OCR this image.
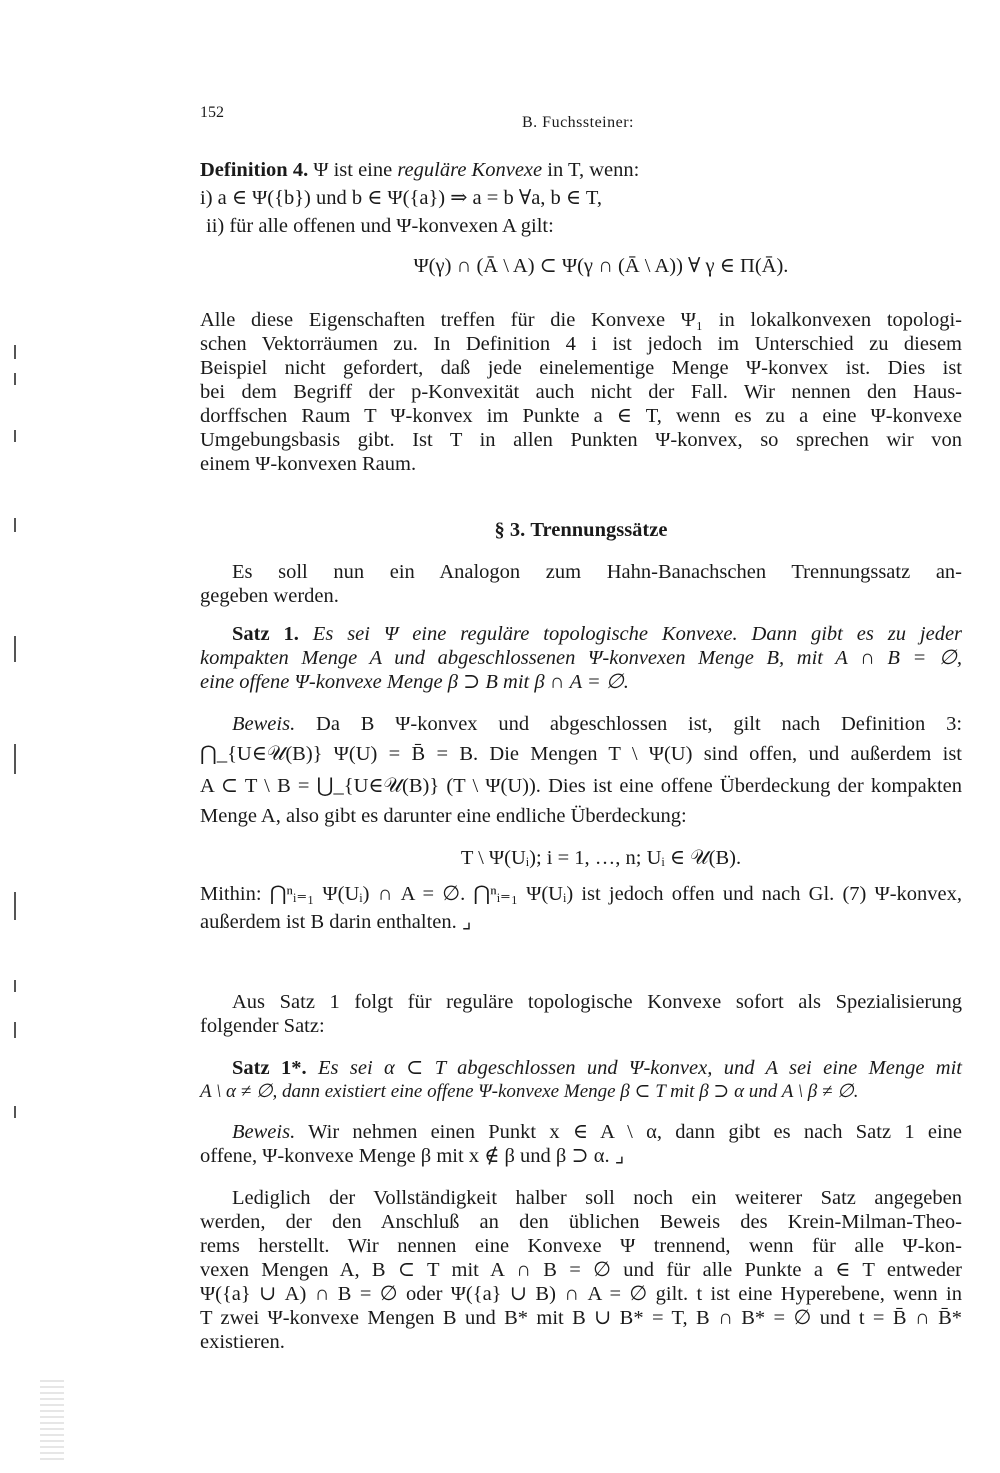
152
B. Fuchssteiner:
Definition 4. Ψ ist eine reguläre Konvexe in T, wenn:
i) a ∈ Ψ({b}) und b ∈ Ψ({a}) ⇒ a = b ∀a, b ∈ T,
ii) für alle offenen und Ψ-konvexen A gilt:
Ψ(γ) ∩ (Ā \ A) ⊂ Ψ(γ ∩ (Ā \ A)) ∀ γ ∈ Π(Ā).
Alle diese Eigenschaften treffen für die Konvexe Ψ₁ in lokalkonvexen topologi-
schen Vektorräumen zu. In Definition 4 i ist jedoch im Unterschied zu diesem
Beispiel nicht gefordert, daß jede einelementige Menge Ψ-konvex ist. Dies ist
bei dem Begriff der p-Konvexität auch nicht der Fall. Wir nennen den Haus-
dorffschen Raum T Ψ-konvex im Punkte a ∈ T, wenn es zu a eine Ψ-konvexe
Umgebungsbasis gibt. Ist T in allen Punkten Ψ-konvex, so sprechen wir von
einem Ψ-konvexen Raum.
§ 3. Trennungssätze
Es soll nun ein Analogon zum Hahn-Banachschen Trennungssatz an-
gegeben werden.
Satz 1. Es sei Ψ eine reguläre topologische Konvexe. Dann gibt es zu jeder
kompakten Menge A und abgeschlossenen Ψ-konvexen Menge B, mit A ∩ B = ∅,
eine offene Ψ-konvexe Menge β ⊃ B mit β ∩ A = ∅.
Beweis. Da B Ψ-konvex und abgeschlossen ist, gilt nach Definition 3:
⋂_{U∈𝒰(B)} Ψ(U) = B̄ = B. Die Mengen T \ Ψ(U) sind offen, und außerdem ist
A ⊂ T \ B = ⋃_{U∈𝒰(B)} (T \ Ψ(U)). Dies ist eine offene Überdeckung der kompakten
Menge A, also gibt es darunter eine endliche Überdeckung:
T \ Ψ(Uᵢ); i = 1, …, n; Uᵢ ∈ 𝒰(B).
Mithin: ⋂ⁿᵢ₌₁ Ψ(Uᵢ) ∩ A = ∅. ⋂ⁿᵢ₌₁ Ψ(Uᵢ) ist jedoch offen und nach Gl. (7) Ψ-konvex,
außerdem ist B darin enthalten. ⌟
Aus Satz 1 folgt für reguläre topologische Konvexe sofort als Spezialisierung
folgender Satz:
Satz 1*. Es sei α ⊂ T abgeschlossen und Ψ-konvex, und A sei eine Menge mit
A \ α ≠ ∅, dann existiert eine offene Ψ-konvexe Menge β ⊂ T mit β ⊃ α und A \ β ≠ ∅.
Beweis. Wir nehmen einen Punkt x ∈ A \ α, dann gibt es nach Satz 1 eine
offene, Ψ-konvexe Menge β mit x ∉ β und β ⊃ α. ⌟
Lediglich der Vollständigkeit halber soll noch ein weiterer Satz angegeben
werden, der den Anschluß an den üblichen Beweis des Krein-Milman-Theo-
rems herstellt. Wir nennen eine Konvexe Ψ trennend, wenn für alle Ψ-kon-
vexen Mengen A, B ⊂ T mit A ∩ B = ∅ und für alle Punkte a ∈ T entweder
Ψ({a} ∪ A) ∩ B = ∅ oder Ψ({a} ∪ B) ∩ A = ∅ gilt. t ist eine Hyperebene, wenn in
T zwei Ψ-konvexe Mengen B und B* mit B ∪ B* = T, B ∩ B* = ∅ und t = B̄ ∩ B̄*
existieren.
